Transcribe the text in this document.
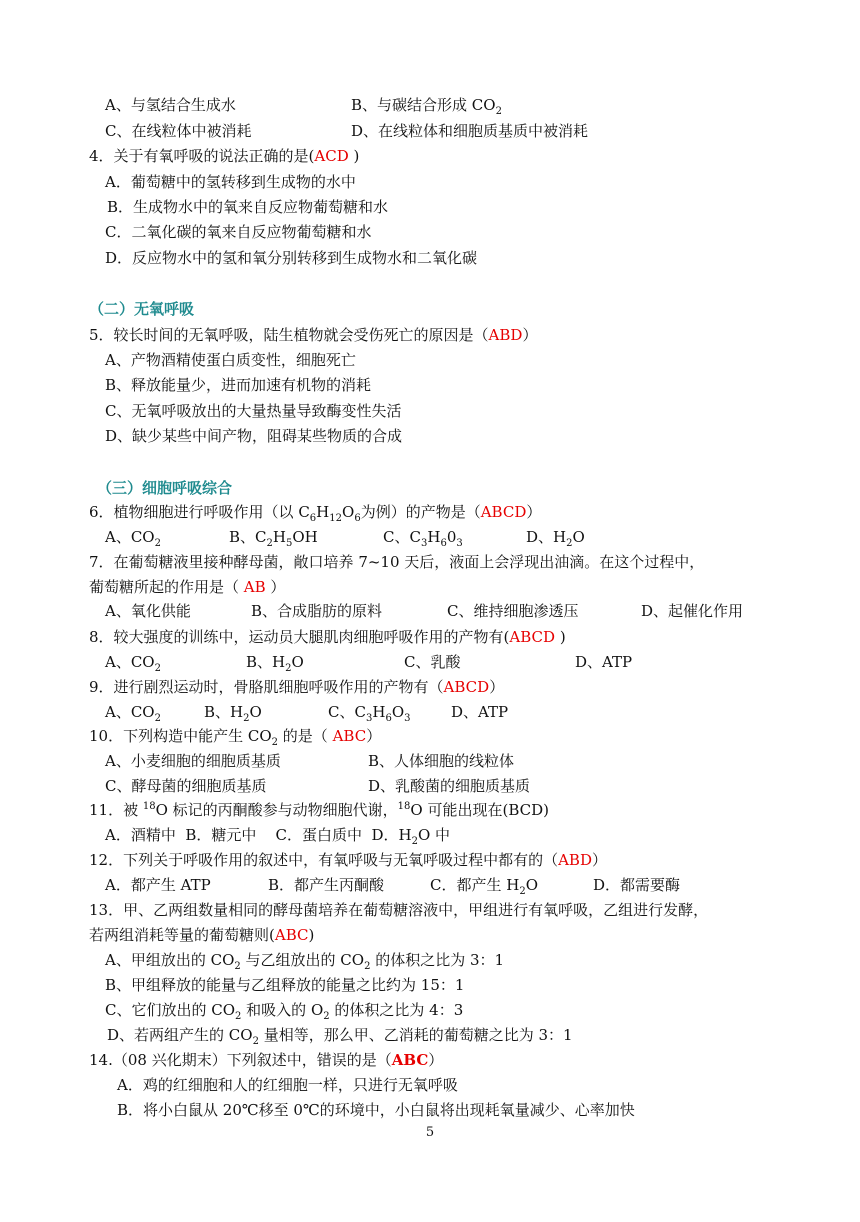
A、与氢结合生成水	B、与碳结合形成 $CO_2$
C、在线粒体中被消耗	D、在线粒体和细胞质基质中被消耗
4．关于有氧呼吸的说法正确的是(ACD )
A．葡萄糖中的氢转移到生成物的水中
B．生成物水中的氧来自反应物葡萄糖和水
C．二氧化碳的氧来自反应物葡萄糖和水
D．反应物水中的氢和氧分别转移到生成物水和二氧化碳
（二）无氧呼吸
5．较长时间的无氧呼吸，陆生植物就会受伤死亡的原因是（ABD）
A、产物酒精使蛋白质变性，细胞死亡
B、释放能量少，进而加速有机物的消耗
C、无氧呼吸放出的大量热量导致酶变性失活
D、缺少某些中间产物，阻碍某些物质的合成
（三）细胞呼吸综合
6．植物细胞进行呼吸作用（以 $C_6H_{12}O_6$为例）的产物是（ABCD）
A、$CO_2$	B、$C_2H_5OH$	C、$C_3H_60_3$	D、$H_2O$
7．在葡萄糖液里接种酵母菌，敞口培养 7~10 天后，液面上会浮现出油滴。在这个过程中，
葡萄糖所起的作用是（ AB ）
A、氧化供能	B、合成脂肪的原料	C、维持细胞渗透压	D、起催化作用
8．较大强度的训练中，运动员大腿肌肉细胞呼吸作用的产物有(ABCD )
A、$CO_2$	B、$H_2O$	C、乳酸	D、ATP
9．进行剧烈运动时，骨胳肌细胞呼吸作用的产物有（ABCD）
A、$CO_2$	B、$H_2O$	C、$C_3H_6O_3$	D、ATP
10．下列构造中能产生 $CO_2$ 的是（ ABC）
A、小麦细胞的细胞质基质	B、人体细胞的线粒体
C、酵母菌的细胞质基质	D、乳酸菌的细胞质基质
11．被 $^{18}$O 标记的丙酮酸参与动物细胞代谢，$^{18}$O 可能出现在(BCD)
A．酒精中  B．糖元中    C．蛋白质中  D．$H_2O$ 中
12．下列关于呼吸作用的叙述中，有氧呼吸与无氧呼吸过程中都有的（ABD）
A．都产生 ATP	B．都产生丙酮酸	C．都产生 $H_2O$	D．都需要酶
13．甲、乙两组数量相同的酵母菌培养在葡萄糖溶液中，甲组进行有氧呼吸，乙组进行发酵，
若两组消耗等量的葡萄糖则(ABC)
A、甲组放出的 $CO_2$ 与乙组放出的 $CO_2$ 的体积之比为 3：1
B、甲组释放的能量与乙组释放的能量之比约为 15：1
C、它们放出的 $CO_2$ 和吸入的 $O_2$ 的体积之比为 4：3
D、若两组产生的 $CO_2$ 量相等，那么甲、乙消耗的葡萄糖之比为 3：1
14.（08 兴化期末）下列叙述中，错误的是（ABC）
A．鸡的红细胞和人的红细胞一样，只进行无氧呼吸
B．将小白鼠从 20℃移至 0℃的环境中，小白鼠将出现耗氧量减少、心率加快
5
